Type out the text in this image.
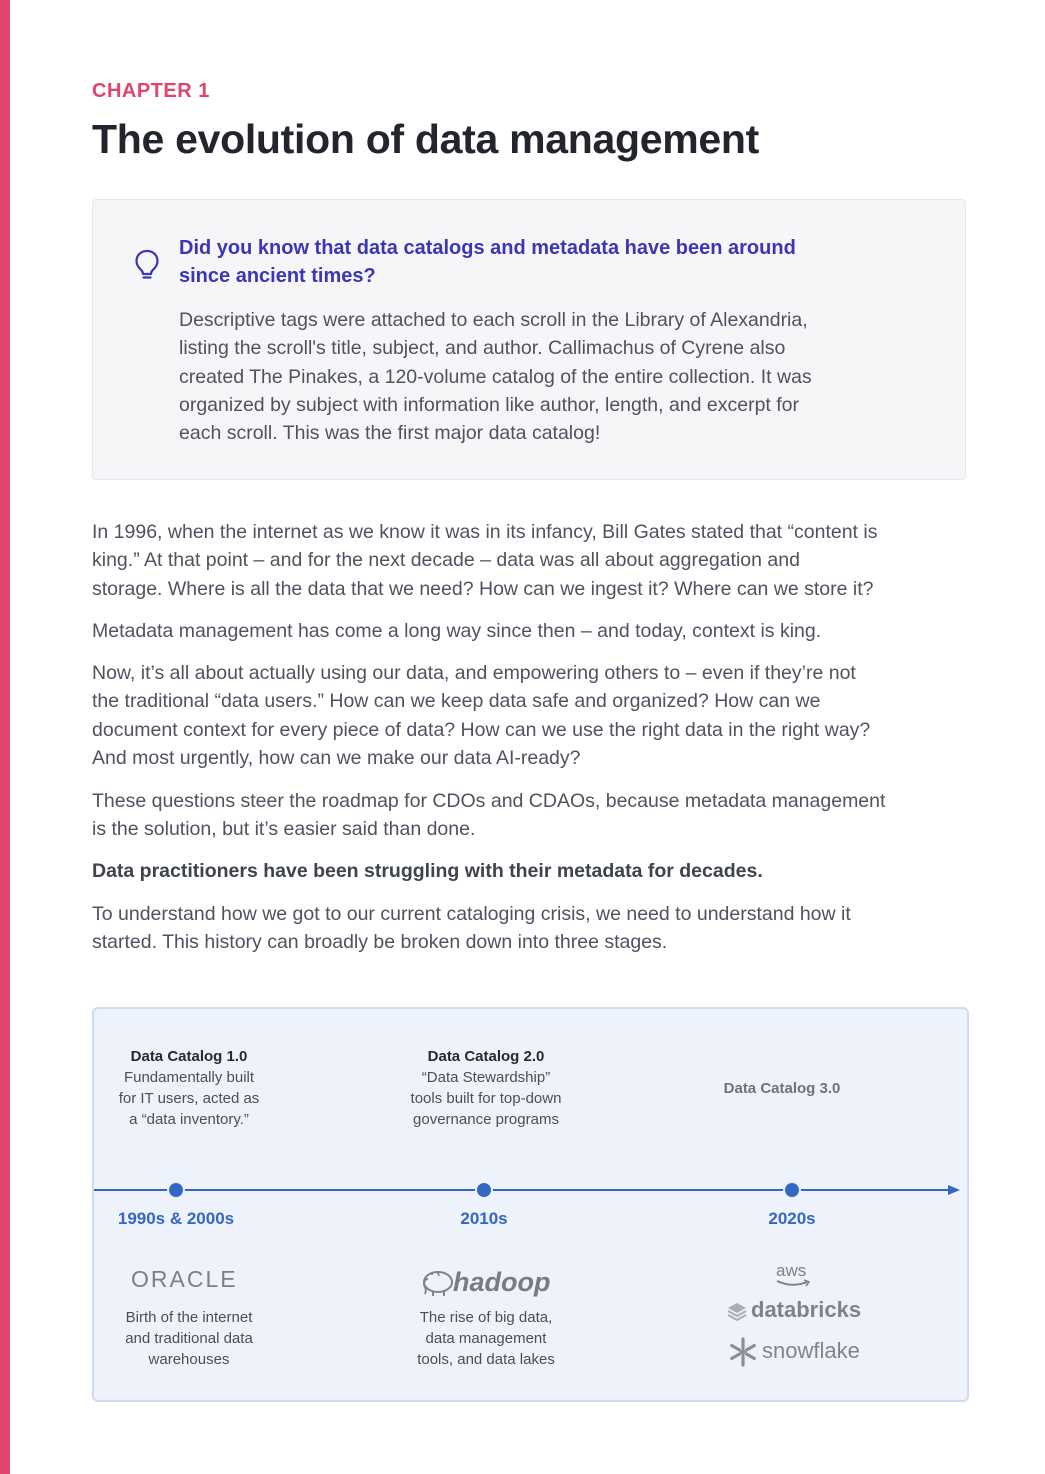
CHAPTER 1
The evolution of data management
Did you know that data catalogs and metadata have been around
since ancient times?
Descriptive tags were attached to each scroll in the Library of Alexandria,
listing the scroll's title, subject, and author. Callimachus of Cyrene also
created The Pinakes, a 120-volume catalog of the entire collection. It was
organized by subject with information like author, length, and excerpt for
each scroll. This was the first major data catalog!
In 1996, when the internet as we know it was in its infancy, Bill Gates stated that “content is
king.” At that point – and for the next decade – data was all about aggregation and
storage. Where is all the data that we need? How can we ingest it? Where can we store it?
Metadata management has come a long way since then – and today, context is king.
Now, it’s all about actually using our data, and empowering others to – even if they’re not
the traditional “data users.” How can we keep data safe and organized? How can we
document context for every piece of data? How can we use the right data in the right way?
And most urgently, how can we make our data AI-ready?
These questions steer the roadmap for CDOs and CDAOs, because metadata management
is the solution, but it’s easier said than done.
Data practitioners have been struggling with their metadata for decades.
To understand how we got to our current cataloging crisis, we need to understand how it
started. This history can broadly be broken down into three stages.
Data Catalog 1.0
Fundamentally built
for IT users, acted as
a “data inventory.”
Data Catalog 2.0
“Data Stewardship”
tools built for top-down
governance programs
Data Catalog 3.0
1990s & 2000s	2010s	2020s
ORACLE	hadoop	aws
databricks
snowflake
Birth of the internet
and traditional data
warehouses
The rise of big data,
data management
tools, and data lakes
